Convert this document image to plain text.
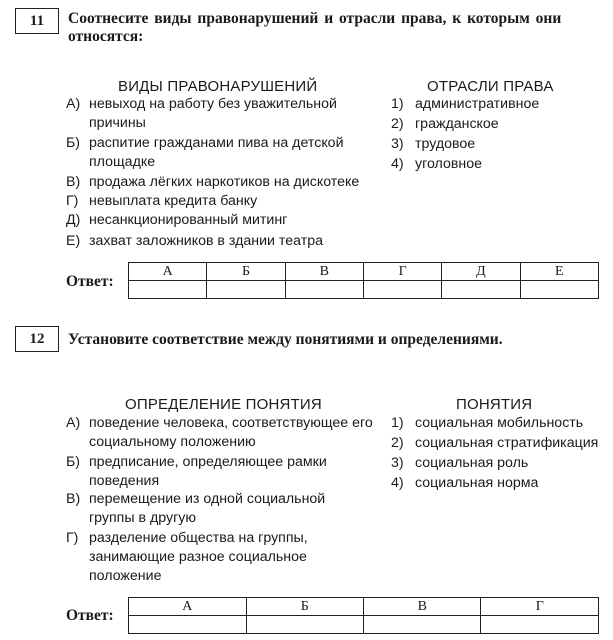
11	Соотнесите виды правонарушений и отрасли права, к которым они
относятся:
ВИДЫ ПРАВОНАРУШЕНИЙ	ОТРАСЛИ ПРАВА
А) невыход на работу без уважительной
причины
Б) распитие гражданами пива на детской
площадке
В) продажа лёгких наркотиков на дискотеке
Г) невыплата кредита банку
Д) несанкционированный митинг
Е) захват заложников в здании театра
1) административное
2) гражданское
3) трудовое
4) уголовное
Ответ:
А	Б	В	Г	Д	Е

12	Установите соответствие между понятиями и определениями.
ОПРЕДЕЛЕНИЕ ПОНЯТИЯ	ПОНЯТИЯ
А) поведение человека, соответствующее его
социальному положению
Б) предписание, определяющее рамки
поведения
В) перемещение из одной социальной
группы в другую
Г) разделение общества на группы,
занимающие разное социальное
положение
1) социальная мобильность
2) социальная стратификация
3) социальная роль
4) социальная норма
Ответ:
А	Б	В	Г
